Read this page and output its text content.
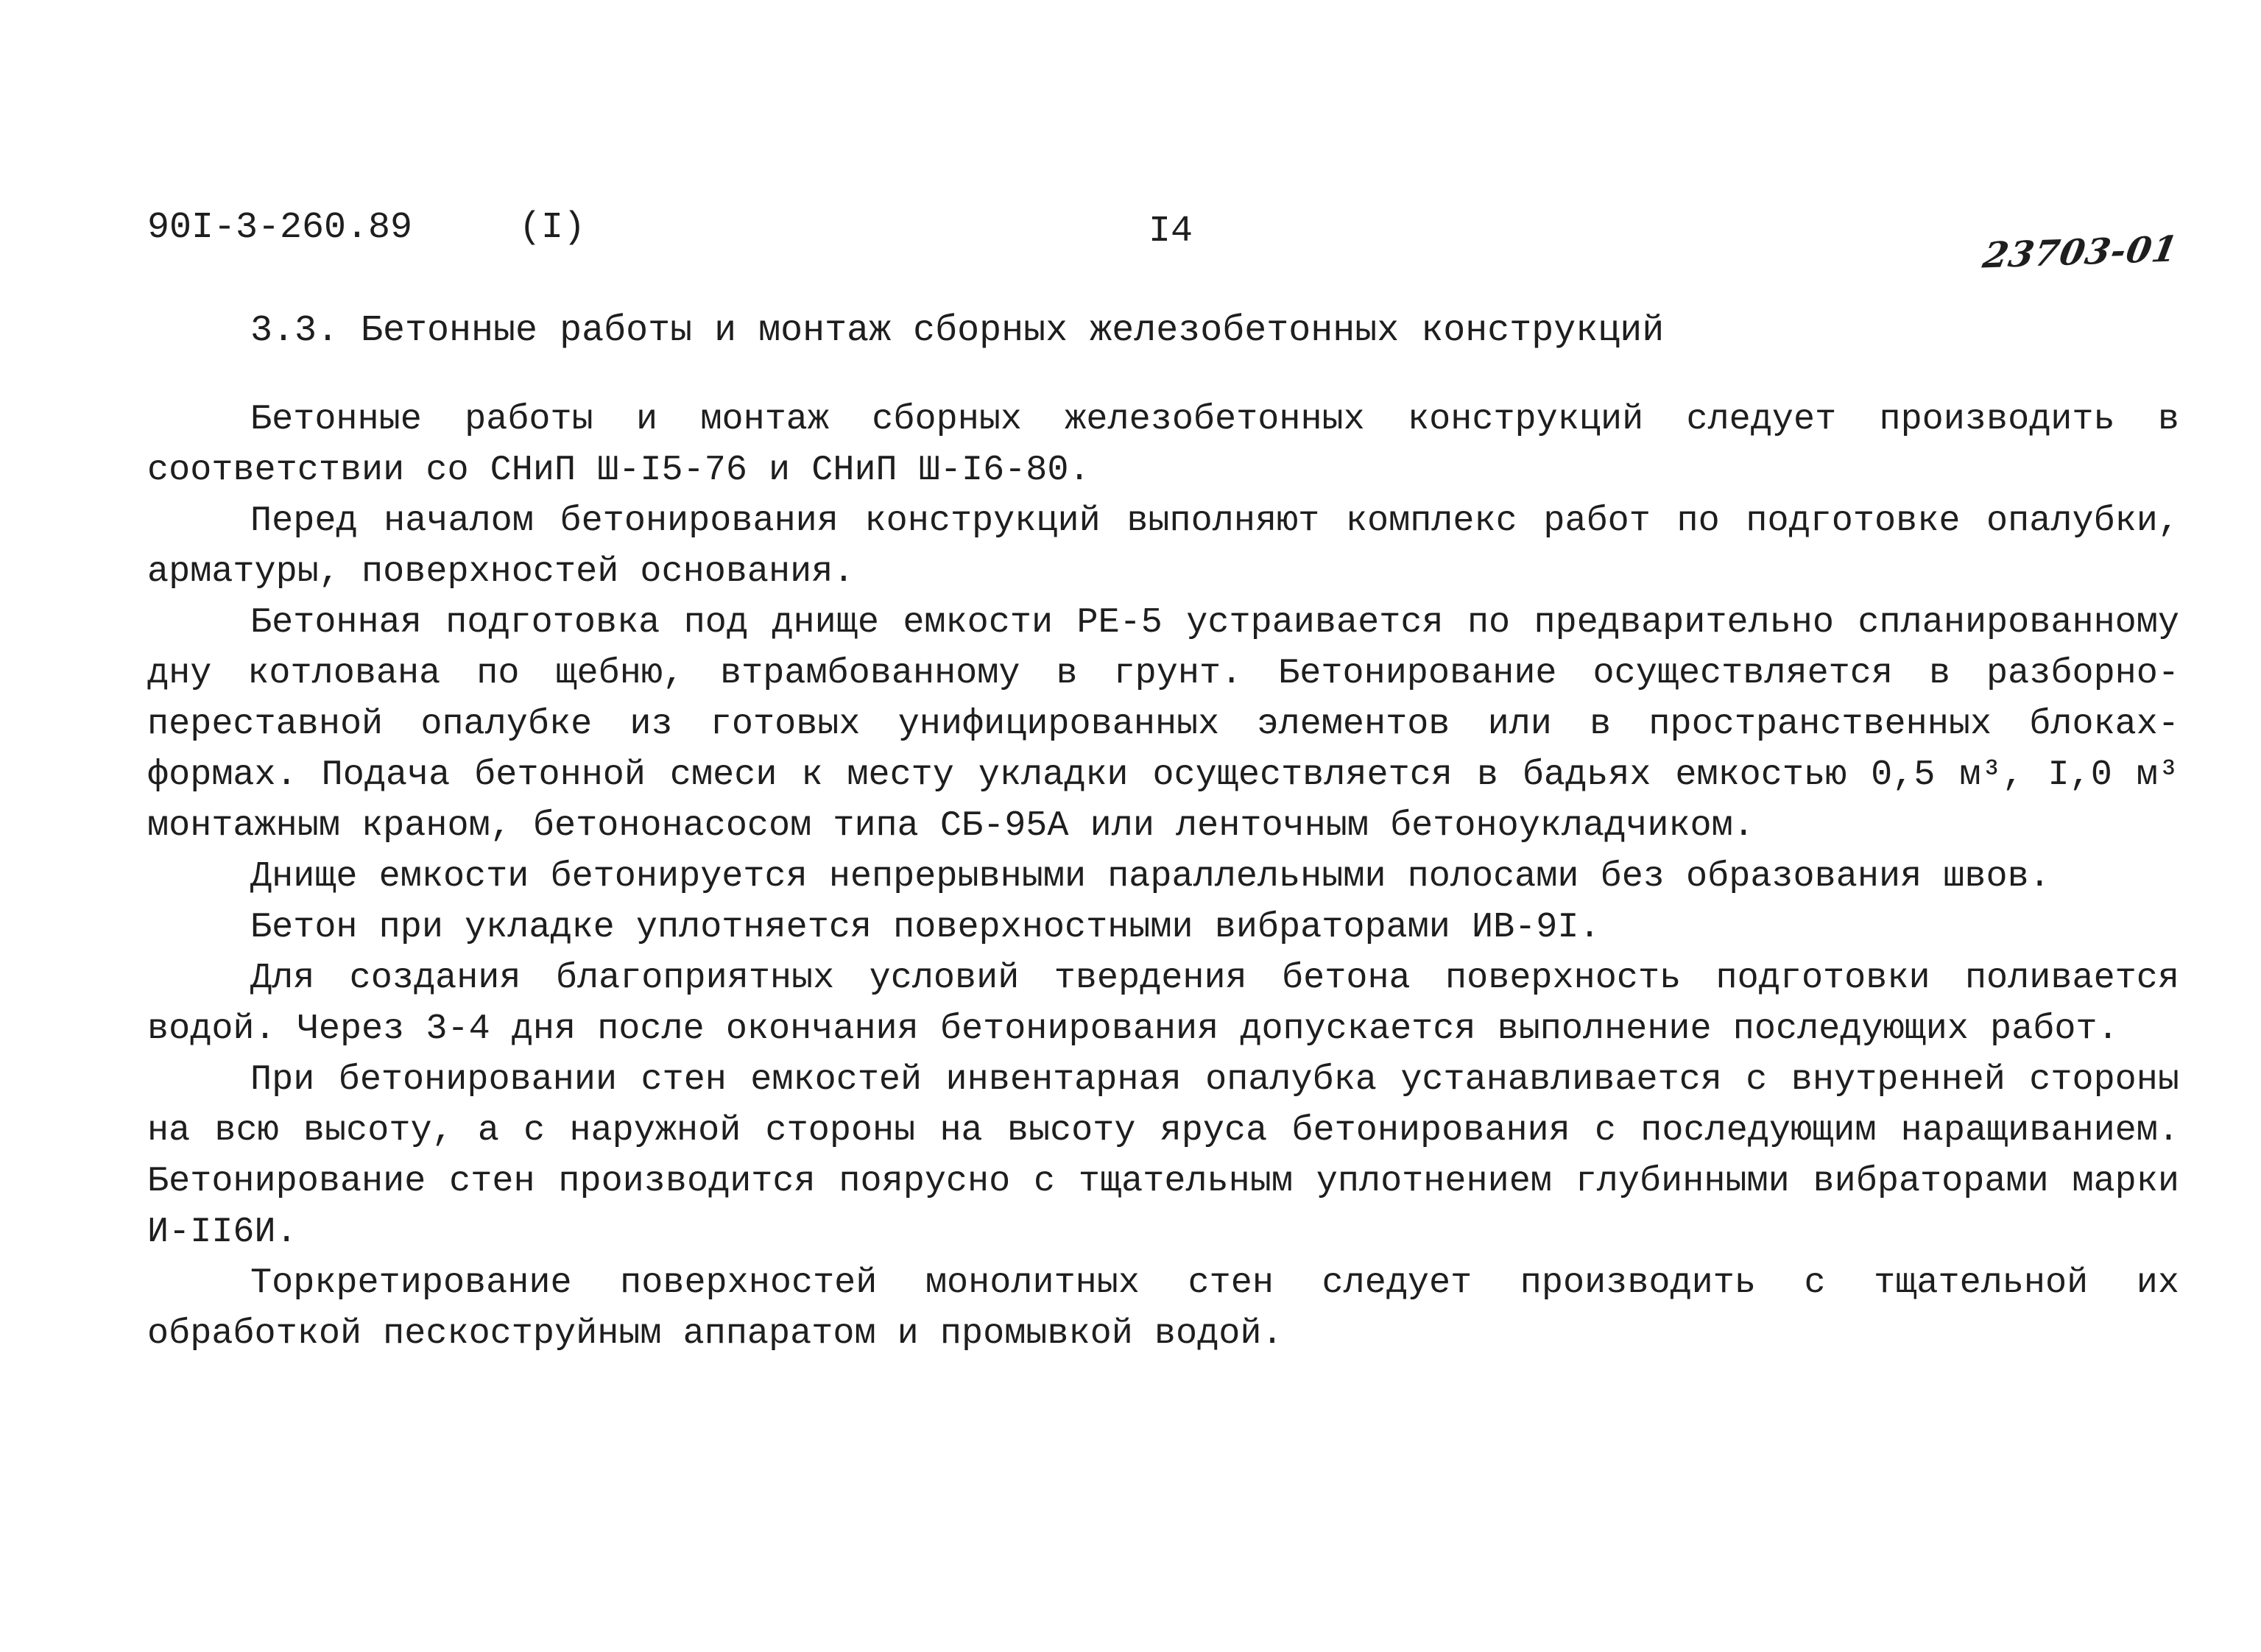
90I-3-260.89	(I)	I4	23703-01
3.3. Бетонные работы и монтаж сборных железобетонных конструкций

Бетонные работы и монтаж сборных железобетонных конструкций следует производить в соответствии со СНиП Ш-I5-76 и СНиП Ш-I6-80.

Перед началом бетонирования конструкций выполняют комплекс работ по подготовке опалубки, арматуры, поверхностей основания.

Бетонная подготовка под днище емкости РЕ-5 устраивается по предварительно спланированному дну котлована по щебню, втрамбованному в грунт. Бетонирование осуществляется в разборно-переставной опалубке из готовых унифицированных элементов или в пространственных блоках-формах. Подача бетонной смеси к месту укладки осуществляется в бадьях емкостью 0,5 м³, I,0 м³ монтажным краном, бетононасосом типа СБ-95А или ленточным бетоноукладчиком.

Днище емкости бетонируется непрерывными параллельными полосами без образования швов.

Бетон при укладке уплотняется поверхностными вибраторами ИВ-9I.

Для создания благоприятных условий твердения бетона поверхность подготовки поливается водой. Через 3-4 дня после окончания бетонирования допускается выполнение последующих работ.

При бетонировании стен емкостей инвентарная опалубка устанавливается с внутренней стороны на всю высоту, а с наружной стороны на высоту яруса бетонирования с последующим наращиванием. Бетонирование стен производится поярусно с тщательным уплотнением глубинными вибраторами марки И-II6И.

Торкретирование поверхностей монолитных стен следует производить с тщательной их обработкой пескоструйным аппаратом и промывкой водой.
